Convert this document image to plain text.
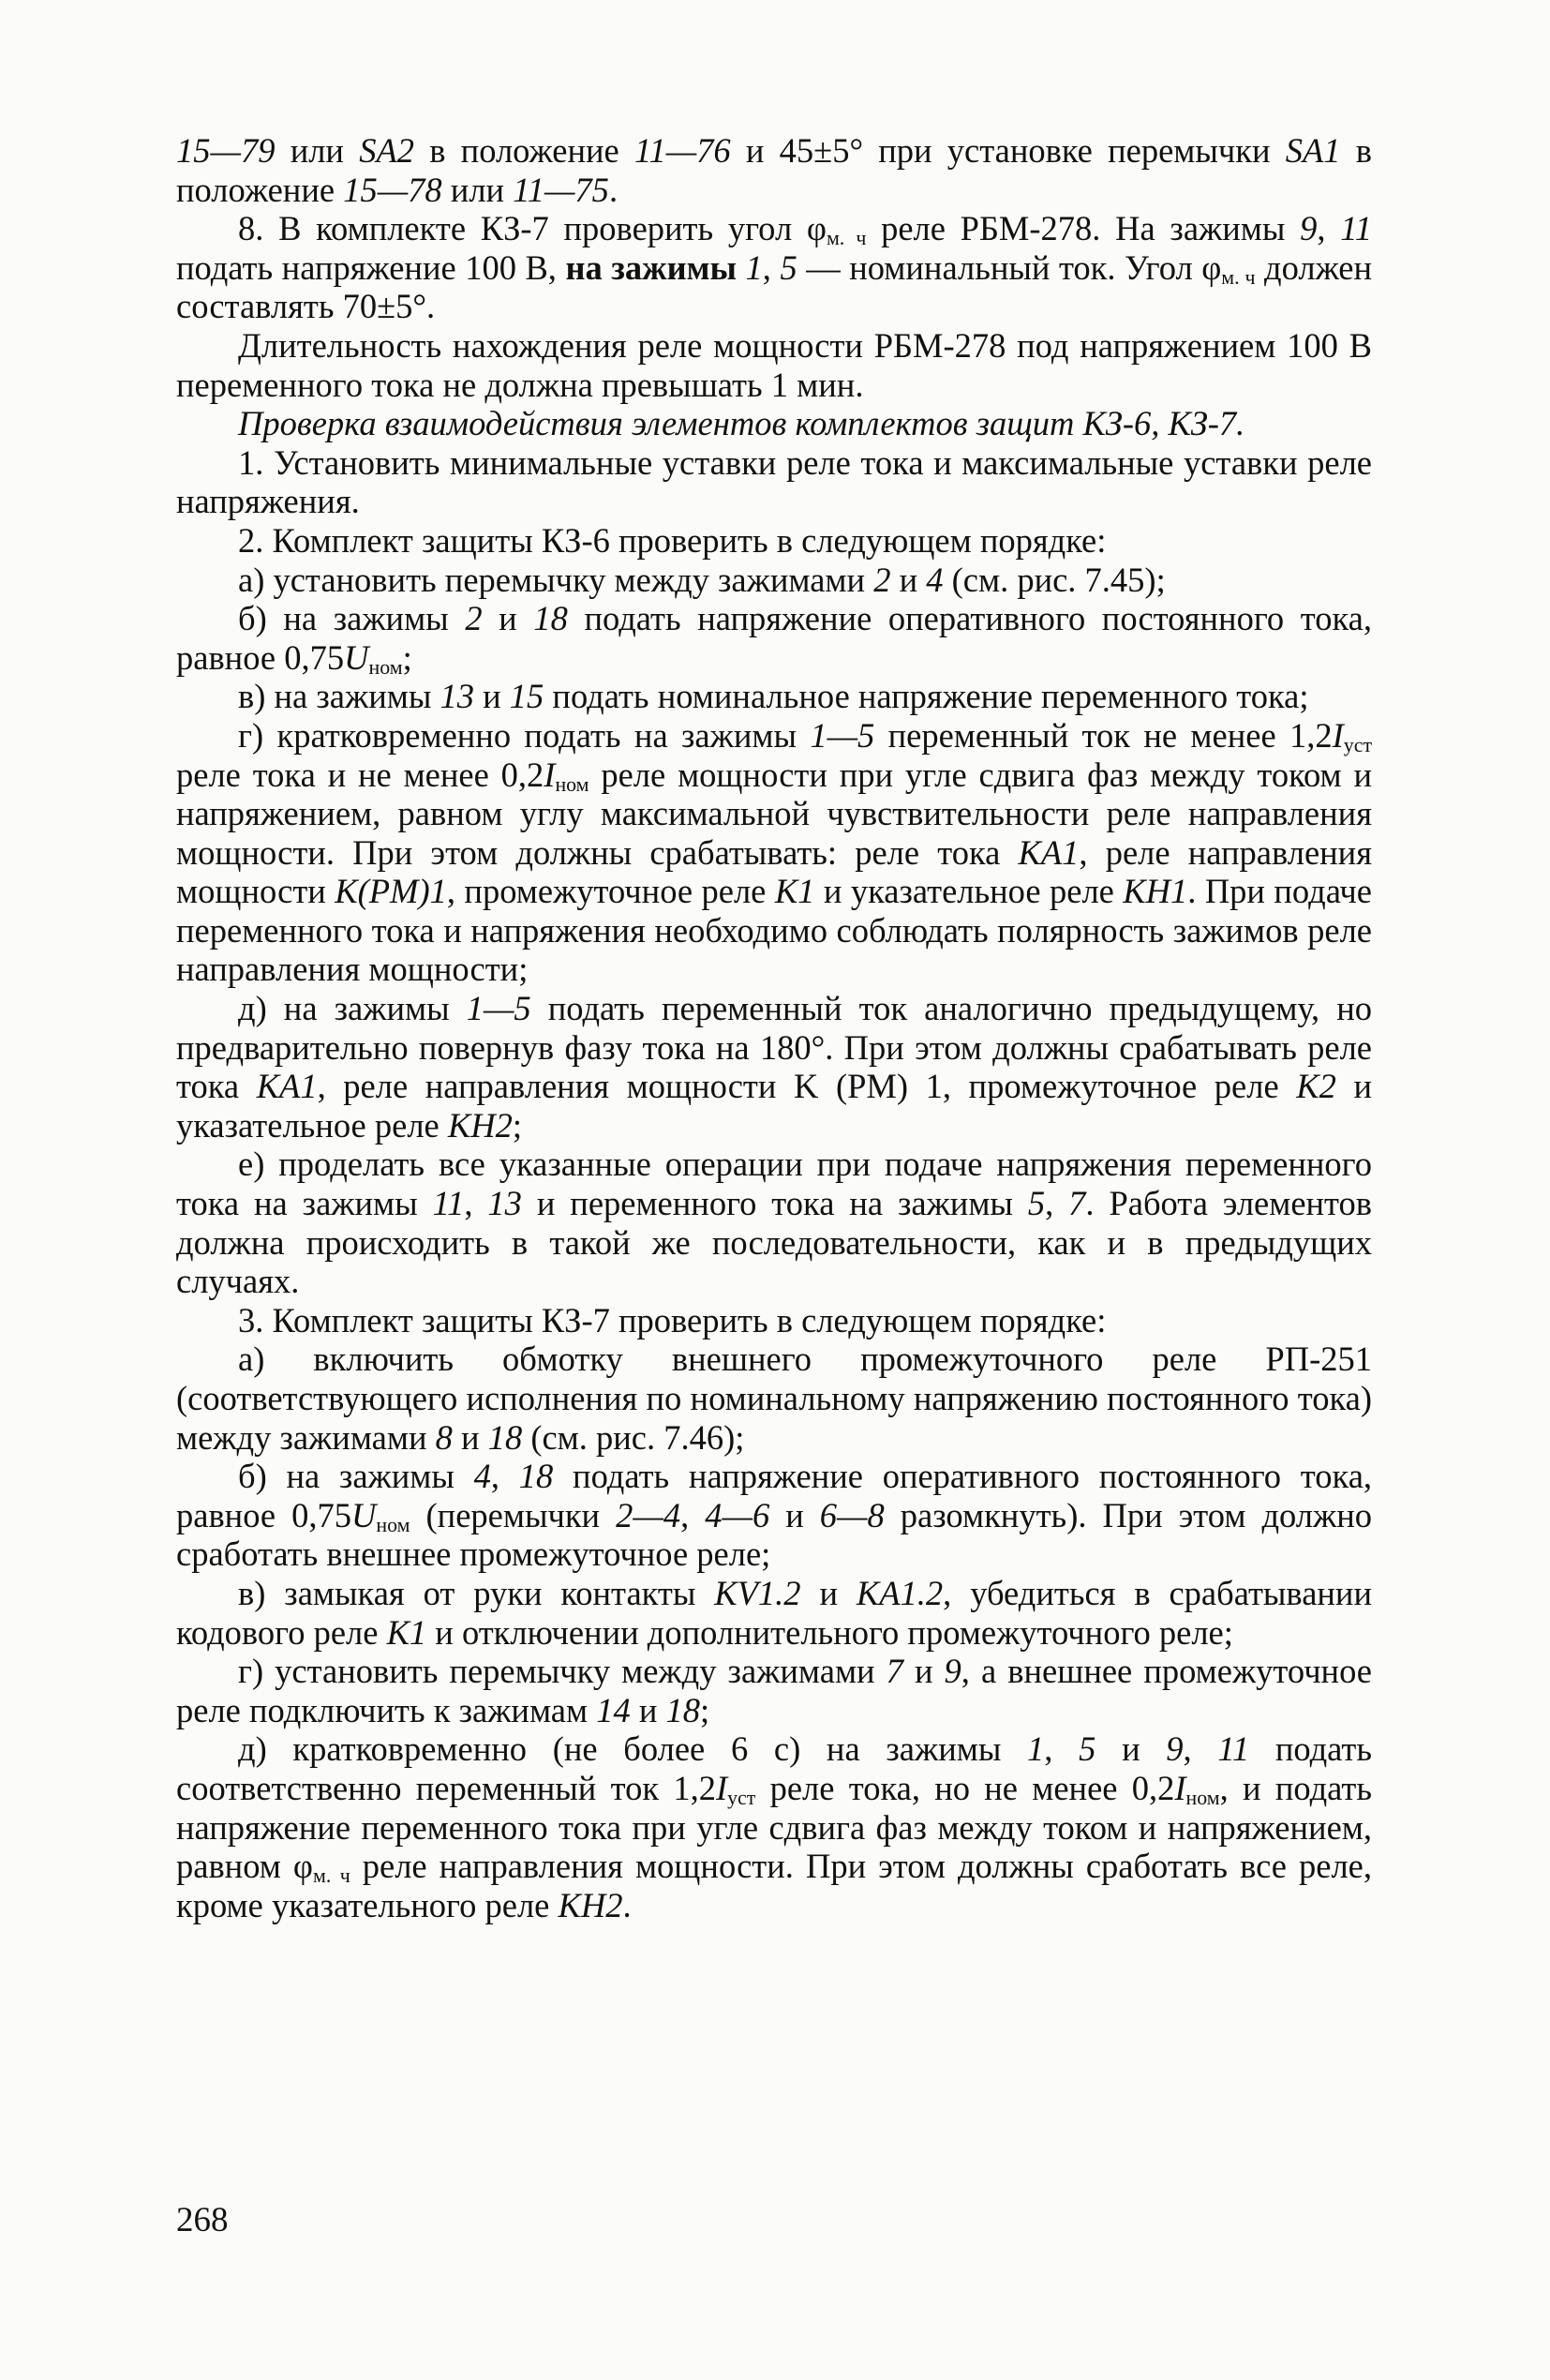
15—79 или SA2 в положение 11—76 и 45±5° при установке перемычки SA1 в положение 15—78 или 11—75.

8. В комплекте КЗ-7 проверить угол $\varphi_{м. ч}$ реле РБМ-278. На зажимы 9, 11 подать напряжение 100 В, на зажимы 1, 5 — номинальный ток. Угол $\varphi_{м. ч}$ должен составлять 70±5°.

Длительность нахождения реле мощности РБМ-278 под напряжением 100 В переменного тока не должна превышать 1 мин.

Проверка взаимодействия элементов комплектов защит КЗ-6, КЗ-7.

1. Установить минимальные уставки реле тока и максимальные уставки реле напряжения.

2. Комплект защиты КЗ-6 проверить в следующем порядке:

а) установить перемычку между зажимами 2 и 4 (см. рис. 7.45);

б) на зажимы 2 и 18 подать напряжение оперативного постоянного тока, равное $0,75U_{ном}$;

в) на зажимы 13 и 15 подать номинальное напряжение переменного тока;

г) кратковременно подать на зажимы 1—5 переменный ток не менее $1,2I_{уст}$ реле тока и не менее $0,2I_{ном}$ реле мощности при угле сдвига фаз между током и напряжением, равном углу максимальной чувствительности реле направления мощности. При этом должны срабатывать: реле тока KA1, реле направления мощности K(PM)1, промежуточное реле K1 и указательное реле KH1. При подаче переменного тока и напряжения необходимо соблюдать полярность зажимов реле направления мощности;

д) на зажимы 1—5 подать переменный ток аналогично предыдущему, но предварительно повернув фазу тока на 180°. При этом должны срабатывать реле тока KA1, реле направления мощности K (PM) 1, промежуточное реле K2 и указательное реле KH2;

е) проделать все указанные операции при подаче напряжения переменного тока на зажимы 11, 13 и переменного тока на зажимы 5, 7. Работа элементов должна происходить в такой же последовательности, как и в предыдущих случаях.

3. Комплект защиты КЗ-7 проверить в следующем порядке:

а) включить обмотку внешнего промежуточного реле РП-251 (соответствующего исполнения по номинальному напряжению постоянного тока) между зажимами 8 и 18 (см. рис. 7.46);

б) на зажимы 4, 18 подать напряжение оперативного постоянного тока, равное $0,75U_{ном}$ (перемычки 2—4, 4—6 и 6—8 разомкнуть). При этом должно сработать внешнее промежуточное реле;

в) замыкая от руки контакты KV1.2 и KA1.2, убедиться в срабатывании кодового реле K1 и отключении дополнительного промежуточного реле;

г) установить перемычку между зажимами 7 и 9, а внешнее промежуточное реле подключить к зажимам 14 и 18;

д) кратковременно (не более 6 с) на зажимы 1, 5 и 9, 11 подать соответственно переменный ток $1,2I_{уст}$ реле тока, но не менее $0,2I_{ном}$, и подать напряжение переменного тока при угле сдвига фаз между током и напряжением, равном $\varphi_{м. ч}$ реле направления мощности. При этом должны сработать все реле, кроме указательного реле KH2.

268
